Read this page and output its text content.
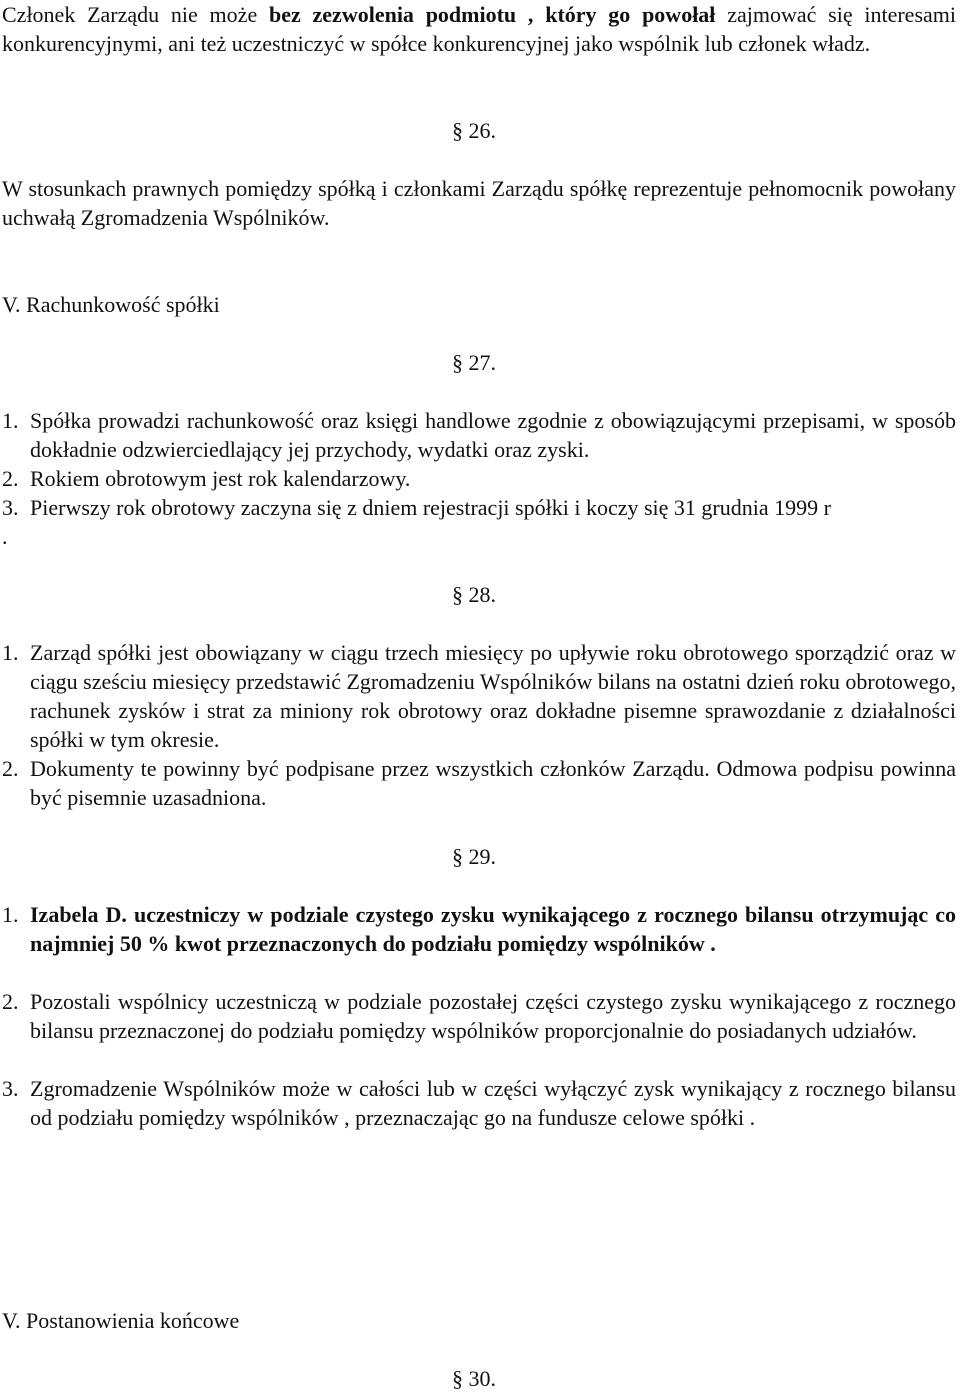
Członek Zarządu nie może bez zezwolenia podmiotu , który go powołał zajmować się interesami konkurencyjnymi, ani też uczestniczyć w spółce konkurencyjnej jako wspólnik lub członek władz.
§ 26.
W stosunkach prawnych pomiędzy spółką i członkami Zarządu spółkę reprezentuje pełnomocnik powołany uchwałą Zgromadzenia Wspólników.
V. Rachunkowość spółki
§ 27.
1. Spółka prowadzi rachunkowość oraz księgi handlowe zgodnie z obowiązującymi przepisami, w sposób dokładnie odzwierciedlający jej przychody, wydatki oraz zyski.
2. Rokiem obrotowym jest rok kalendarzowy.
3. Pierwszy rok obrotowy zaczyna się z dniem rejestracji spółki i koczy się 31 grudnia 1999 r
.
§ 28.
1. Zarząd spółki jest obowiązany w ciągu trzech miesięcy po upływie roku obrotowego sporządzić oraz w ciągu sześciu miesięcy przedstawić Zgromadzeniu Wspólników bilans na ostatni dzień roku obrotowego, rachunek zysków i strat za miniony rok obrotowy oraz dokładne pisemne sprawozdanie z działalności spółki w tym okresie.
2. Dokumenty te powinny być podpisane przez wszystkich członków Zarządu. Odmowa podpisu powinna być pisemnie uzasadniona.
§ 29.
1. Izabela D. uczestniczy w podziale czystego zysku wynikającego z rocznego bilansu otrzymując co najmniej 50 % kwot przeznaczonych do podziału pomiędzy wspólników .
2. Pozostali wspólnicy uczestniczą w podziale pozostałej części czystego zysku wynikającego z rocznego bilansu przeznaczonej do podziału pomiędzy wspólników proporcjonalnie do posiadanych udziałów.
3. Zgromadzenie Wspólników może w całości lub w części wyłączyć zysk wynikający z rocznego bilansu od podziału pomiędzy wspólników , przeznaczając go na fundusze celowe spółki .
V. Postanowienia końcowe
§ 30.
